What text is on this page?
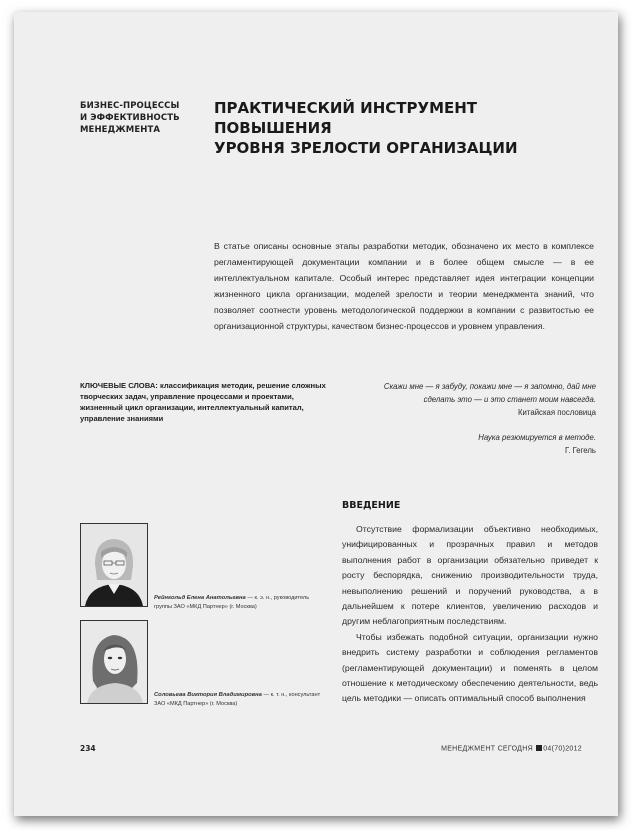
БИЗНЕС-ПРОЦЕССЫ
И ЭФФЕКТИВНОСТЬ
МЕНЕДЖМЕНТА
ПРАКТИЧЕСКИЙ ИНСТРУМЕНТ ПОВЫШЕНИЯ
УРОВНЯ ЗРЕЛОСТИ ОРГАНИЗАЦИИ
В статье описаны основные этапы разработки методик, обозначено их место в комплексе регламентирующей документации компании и в более общем смысле — в ее интеллектуальном капитале. Особый интерес представляет идея интеграции концепции жизненного цикла организации, моделей зрелости и теории менеджмента знаний, что позволяет соотнести уровень методологической поддержки в компании с развитостью ее организационной структуры, качеством бизнес-процессов и уровнем управления.
КЛЮЧЕВЫЕ СЛОВА: классификация методик, решение сложных творческих задач, управление процессами и проектами, жизненный цикл организации, интеллектуальный капитал, управление знаниями
Скажи мне — я забуду, покажи мне — я запомню, дай мне
сделать это — и это станет моим навсегда.
Китайская пословица
Наука резюмируется в методе.
Г. Гегель
ВВЕДЕНИЕ

Отсутствие формализации объективно необходимых, унифицированных и прозрачных правил и методов выполнения работ в организации обязательно приведет к росту беспорядка, снижению производительности труда, невыполнению решений и поручений руководства, а в дальнейшем к потере клиентов, увеличению расходов и другим неблагоприятным последствиям.

Чтобы избежать подобной ситуации, организации нужно внедрить систему разработки и соблюдения регламентов (регламентирующей документации) и поменять в целом отношение к методическому обеспечению деятельности, ведь цель методики — описать оптимальный способ выполнения

Рейнгольд Елена Анатольевна — к. э. н., руководитель группы ЗАО «МКД Партнер» (г. Москва)
Соловьева Виктория Владимировна — к. т. н., консультант ЗАО «МКД Партнер» (г. Москва)
234	МЕНЕДЖМЕНТ СЕГОДНЯ 04(70)2012
